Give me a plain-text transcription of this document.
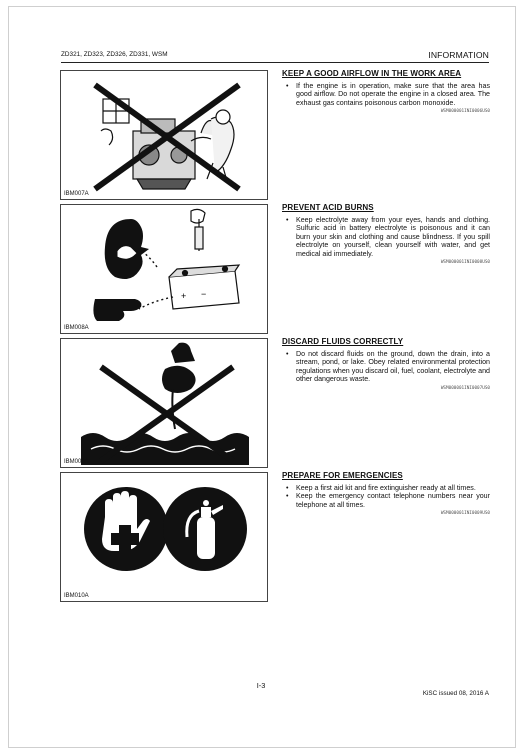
ZD321, ZD323, ZD326, ZD331, WSM	INFORMATION
IBM007A
−
+
IBM008A
IBM009A
IBM010A
KEEP A GOOD AIRFLOW IN THE WORK AREA
• If the engine is in operation, make sure that the area has good airflow. Do not operate the engine in a closed area. The exhaust gas contains poisonous carbon monoxide.
WSM000001INI0006US0
PREVENT ACID BURNS
• Keep electrolyte away from your eyes, hands and clothing. Sulfuric acid in battery electrolyte is poisonous and it can burn your skin and clothing and cause blindness. If you spill electrolyte on yourself, clean yourself with water, and get medical aid immediately.
WSM000001INI0008US0
DISCARD FLUIDS CORRECTLY
• Do not discard fluids on the ground, down the drain, into a stream, pond, or lake. Obey related environmental protection regulations when you discard oil, fuel, coolant, electrolyte and other dangerous waste.
WSM000001INI0007US0
PREPARE FOR EMERGENCIES
• Keep a first aid kit and fire extinguisher ready at all times.
• Keep the emergency contact telephone numbers near your telephone at all times.
WSM000001INI0009US0
I-3
KiSC issued 08, 2016 A
